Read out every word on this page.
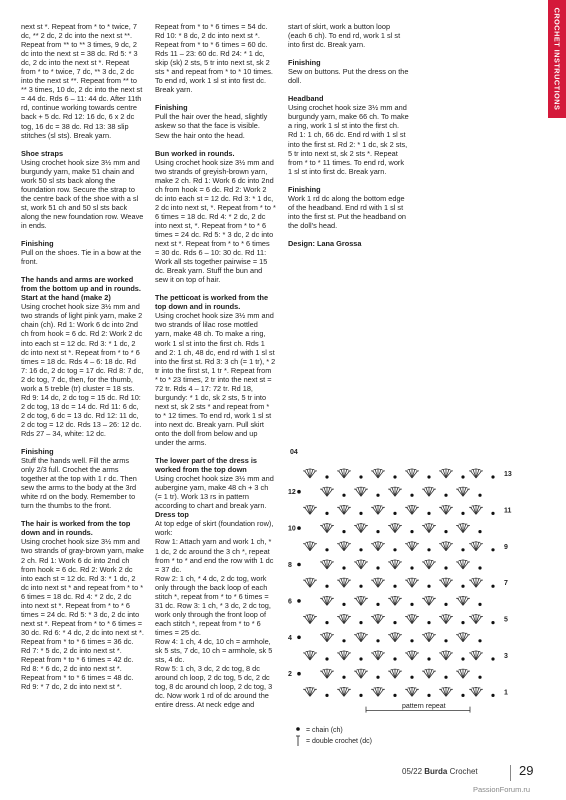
CROCHET INSTRUCTIONS

next st *. Repeat from * to * twice, 7 dc, ** 2 dc, 2 dc into the next st **. Repeat from ** to ** 3 times, 9 dc, 2 dc into the next st = 38 dc. Rd 5: * 3 dc, 2 dc into the next st *. Repeat from * to * twice, 7 dc, ** 3 dc, 2 dc into the next st **. Repeat from ** to ** 3 times, 10 dc, 2 dc into the next st = 44 dc. Rds 6 – 11: 44 dc. After 11th rd, continue working towards centre back + 5 dc. Rd 12: 16 dc, 6 x 2 dc tog, 16 dc = 38 dc. Rd 13: 38 slip stitches (sl sts). Break yarn.

Shoe straps

Using crochet hook size 3½ mm and burgundy yarn, make 51 chain and work 50 sl sts back along the foundation row. Secure the strap to the centre back of the shoe with a sl st, work 51 ch and 50 sl sts back along the new foundation row. Weave in ends.

Finishing

Pull on the shoes. Tie in a bow at the front.

The hands and arms are worked from the bottom up and in rounds. Start at the hand (make 2)

Using crochet hook size 3½ mm and two strands of light pink yarn, make 2 chain (ch). Rd 1: Work 6 dc into 2nd ch from hook = 6 dc. Rd 2: Work 2 dc into each st = 12 dc. Rd 3: * 1 dc, 2 dc into next st *. Repeat from * to * 6 times = 18 dc. Rds 4 – 6: 18 dc. Rd 7: 16 dc, 2 dc tog = 17 dc. Rd 8: 7 dc, 2 dc tog, 7 dc, then, for the thumb, work a 5 treble (tr) cluster = 18 sts. Rd 9: 14 dc, 2 dc tog = 15 dc. Rd 10: 2 dc tog, 13 dc = 14 dc. Rd 11: 6 dc, 2 dc tog, 6 dc = 13 dc. Rd 12: 11 dc, 2 dc tog = 12 dc. Rds 13 – 26: 12 dc. Rds 27 – 34, white: 12 dc.

Finishing

Stuff the hands well. Fill the arms only 2/3 full. Crochet the arms together at the top with 1 r dc. Then sew the arms to the body at the 3rd white rd on the body. Remember to turn the thumbs to the front.

The hair is worked from the top down and in rounds.

Using crochet hook size 3½ mm and two strands of gray-brown yarn, make 2 ch. Rd 1: Work 6 dc into 2nd ch from hook = 6 dc. Rd 2: Work 2 dc into each st = 12 dc. Rd 3: * 1 dc, 2 dc into next st * and repeat from * to * 6 times = 18 dc. Rd 4: * 2 dc, 2 dc into next st *. Repeat from * to * 6 times = 24 dc. Rd 5: * 3 dc, 2 dc into next st *. Repeat from * to * 6 times = 30 dc. Rd 6: * 4 dc, 2 dc into next st *. Repeat from * to * 6 times = 36 dc. Rd 7: * 5 dc, 2 dc into next st *. Repeat from * to * 6 times = 42 dc. Rd 8: * 6 dc, 2 dc into next st *. Repeat from * to * 6 times = 48 dc. Rd 9: * 7 dc, 2 dc into next st *.

Repeat from * to * 6 times = 54 dc. Rd 10: * 8 dc, 2 dc into next st *. Repeat from * to * 6 times = 60 dc. Rds 11 – 23: 60 dc. Rd 24: * 1 dc, skip (sk) 2 sts, 5 tr into next st, sk 2 sts * and repeat from * to * 10 times. To end rd, work 1 sl st into first dc. Break yarn.

Finishing

Pull the hair over the head, slightly askew so that the face is visible. Sew the hair onto the head.

Bun worked in rounds.

Using crochet hook size 3½ mm and two strands of greyish-brown yarn, make 2 ch. Rd 1: Work 6 dc into 2nd ch from hook = 6 dc. Rd 2: Work 2 dc into each st = 12 dc. Rd 3: * 1 dc, 2 dc into next st, *. Repeat from * to * 6 times = 18 dc. Rd 4: * 2 dc, 2 dc into next st, *. Repeat from * to * 6 times = 24 dc. Rd 5: * 3 dc, 2 dc into next st *. Repeat from * to * 6 times = 30 dc. Rds 6 – 10: 30 dc. Rd 11: Work all sts together pairwise = 15 dc. Break yarn. Stuff the bun and sew it on top of hair.

The petticoat is worked from the top down and in rounds.

Using crochet hook size 3½ mm and two strands of lilac rose mottled yarn, make 48 ch. To make a ring, work 1 sl st into the first ch. Rds 1 and 2: 1 ch, 48 dc, end rd with 1 sl st into the first st. Rd 3: 3 ch (= 1 tr), * 2 tr into the first st, 1 tr *. Repeat from * to * 23 times, 2 tr into the next st = 72 tr. Rds 4 – 17: 72 tr. Rd 18, burgundy: * 1 dc, sk 2 sts, 5 tr into next st, sk 2 sts * and repeat from * to * 12 times. To end rd, work 1 sl st into next dc. Break yarn. Pull skirt onto the doll from below and up under the arms.

The lower part of the dress is worked from the top down

Using crochet hook size 3½ mm and aubergine yarn, make 48 ch + 3 ch (= 1 tr). Work 13 rs in pattern according to chart and break yarn.

Dress top

At top edge of skirt (foundation row), work:

Row 1: Attach yarn and work 1 ch, * 1 dc, 2 dc around the 3 ch *, repeat from * to * and end the row with 1 dc = 37 dc.

Row 2: 1 ch, * 4 dc, 2 dc tog, work only through the back loop of each stitch *, repeat from * to * 6 times = 31 dc. Row 3: 1 ch, * 3 dc, 2 dc tog, work only through the front loop of each stitch *, repeat from * to * 6 times = 25 dc.

Row 4: 1 ch, 4 dc, 10 ch = armhole, sk 5 sts, 7 dc, 10 ch = armhole, sk 5 sts, 4 dc.

Row 5: 1 ch, 3 dc, 2 dc tog, 8 dc around ch loop, 2 dc tog, 5 dc, 2 dc tog, 8 dc around ch loop, 2 dc tog, 3 dc. Now work 1 rd of dc around the entire dress. At neck edge and

start of skirt, work a button loop (each 6 ch). To end rd, work 1 sl st into first dc. Break yarn.

Finishing

Sew on buttons. Put the dress on the doll.

Headband

Using crochet hook size 3½ mm and burgundy yarn, make 66 ch. To make a ring, work 1 sl st into the first ch. Rd 1: 1 ch, 66 dc. End rd with 1 sl st into the first st. Rd 2: * 1 dc, sk 2 sts, 5 tr into next st, sk 2 sts *. Repeat from * to * 11 times. To end rd, work 1 sl st into first dc. Break yarn.

Finishing

Work 1 rd dc along the bottom edge of the headband. End rd with 1 sl st into the first st. Put the headband on the doll's head.

Design: Lana Grossa
04
13
12
11
10
9
8
7
6
5
4
3
2
1
pattern repeat
= chain (ch)
= double crochet (dc)
05/22 Burda Crochet	29
PassionForum.ru
